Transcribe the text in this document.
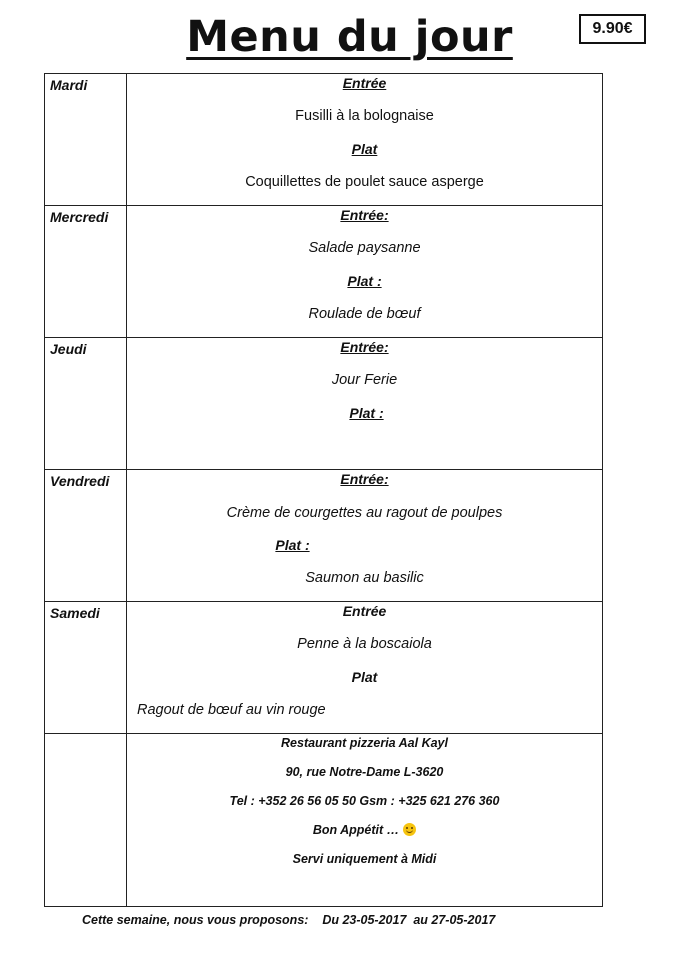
Menu du jour	9.90€
Mardi	Entrée
Fusilli à la bolognaise
Plat
Coquillettes de poulet sauce asperge

Mercredi	Entrée:
Salade paysanne
Plat :
Roulade de bœuf

Jeudi	Entrée:
Jour Ferie
Plat :

Vendredi	Entrée:
Crème de courgettes au ragout de poulpes
Plat :
Saumon au basilic

Samedi	Entrée
Penne à la boscaiola
Plat
Ragout de bœuf au vin rouge

	Restaurant pizzeria Aal Kayl
90, rue Notre-Dame L-3620
Tel : +352 26 56 05 50 Gsm : +325 621 276 360
Bon Appétit …
Servi uniquement à Midi
Cette semaine, nous vous proposons:    Du 23-05-2017  au 27-05-2017
